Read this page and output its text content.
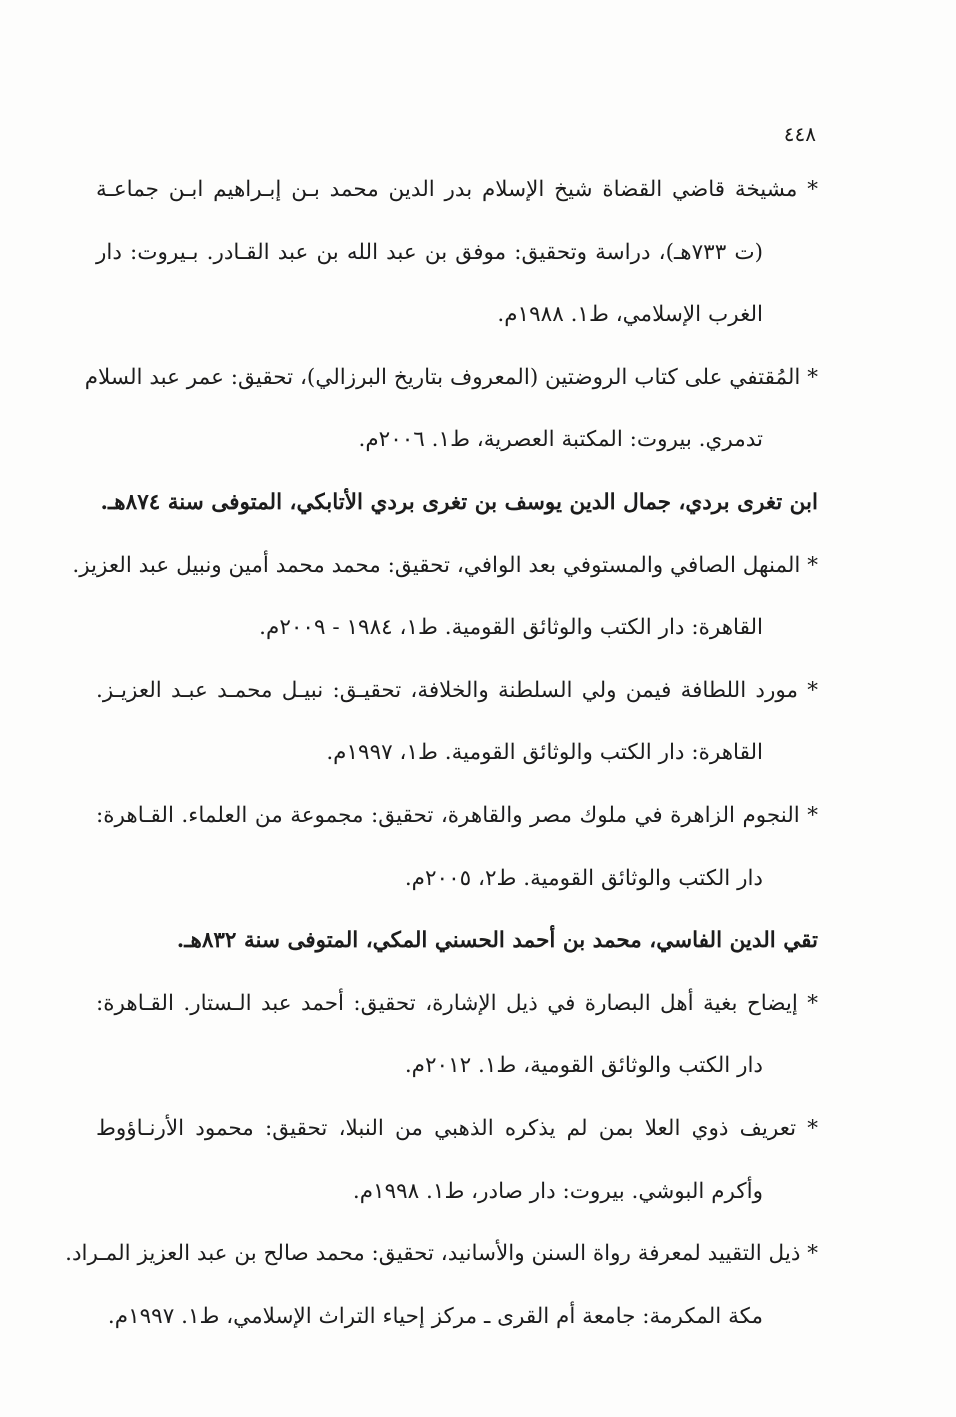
٤٤٨
* مشيخة قاضي القضاة شيخ الإسلام بدر الدين محمد بـن إبـراهيم ابـن جماعـة
(ت ٧٣٣هـ)، دراسة وتحقيق: موفق بن عبد الله بن عبد القـادر. بـيروت: دار
الغرب الإسلامي، ط١. ١٩٨٨م.
* المُقتفي على كتاب الروضتين (المعروف بتاريخ البرزالي)، تحقيق: عمر عبد السلام
تدمري. بيروت: المكتبة العصرية، ط١. ٢٠٠٦م.
ابن تغرى بردي، جمال الدين يوسف بن تغرى بردي الأتابكي، المتوفى سنة ٨٧٤هـ.
* المنهل الصافي والمستوفي بعد الوافي، تحقيق: محمد محمد أمين ونبيل عبد العزيز.
القاهرة: دار الكتب والوثائق القومية. ط١، ١٩٨٤ - ٢٠٠٩م.
* مورد اللطافة فيمن ولي السلطنة والخلافة، تحقيـق: نبيـل محمـد عبـد العزيـز.
القاهرة: دار الكتب والوثائق القومية. ط١، ١٩٩٧م.
* النجوم الزاهرة في ملوك مصر والقاهرة، تحقيق: مجموعة من العلماء. القـاهرة:
دار الكتب والوثائق القومية. ط٢، ٢٠٠٥م.
تقي الدين الفاسي، محمد بن أحمد الحسني المكي، المتوفى سنة ٨٣٢هـ.
* إيضاح بغية أهل البصارة في ذيل الإشارة، تحقيق: أحمد عبد الـستار. القـاهرة:
دار الكتب والوثائق القومية، ط١. ٢٠١٢م.
* تعريف ذوي العلا بمن لم يذكره الذهبي من النبلا، تحقيق: محمود الأرنـاؤوط
وأكرم البوشي. بيروت: دار صادر، ط١. ١٩٩٨م.
* ذيل التقييد لمعرفة رواة السنن والأسانيد، تحقيق: محمد صالح بن عبد العزيز المـراد.
مكة المكرمة: جامعة أم القرى ـ مركز إحياء التراث الإسلامي، ط١. ١٩٩٧م.
